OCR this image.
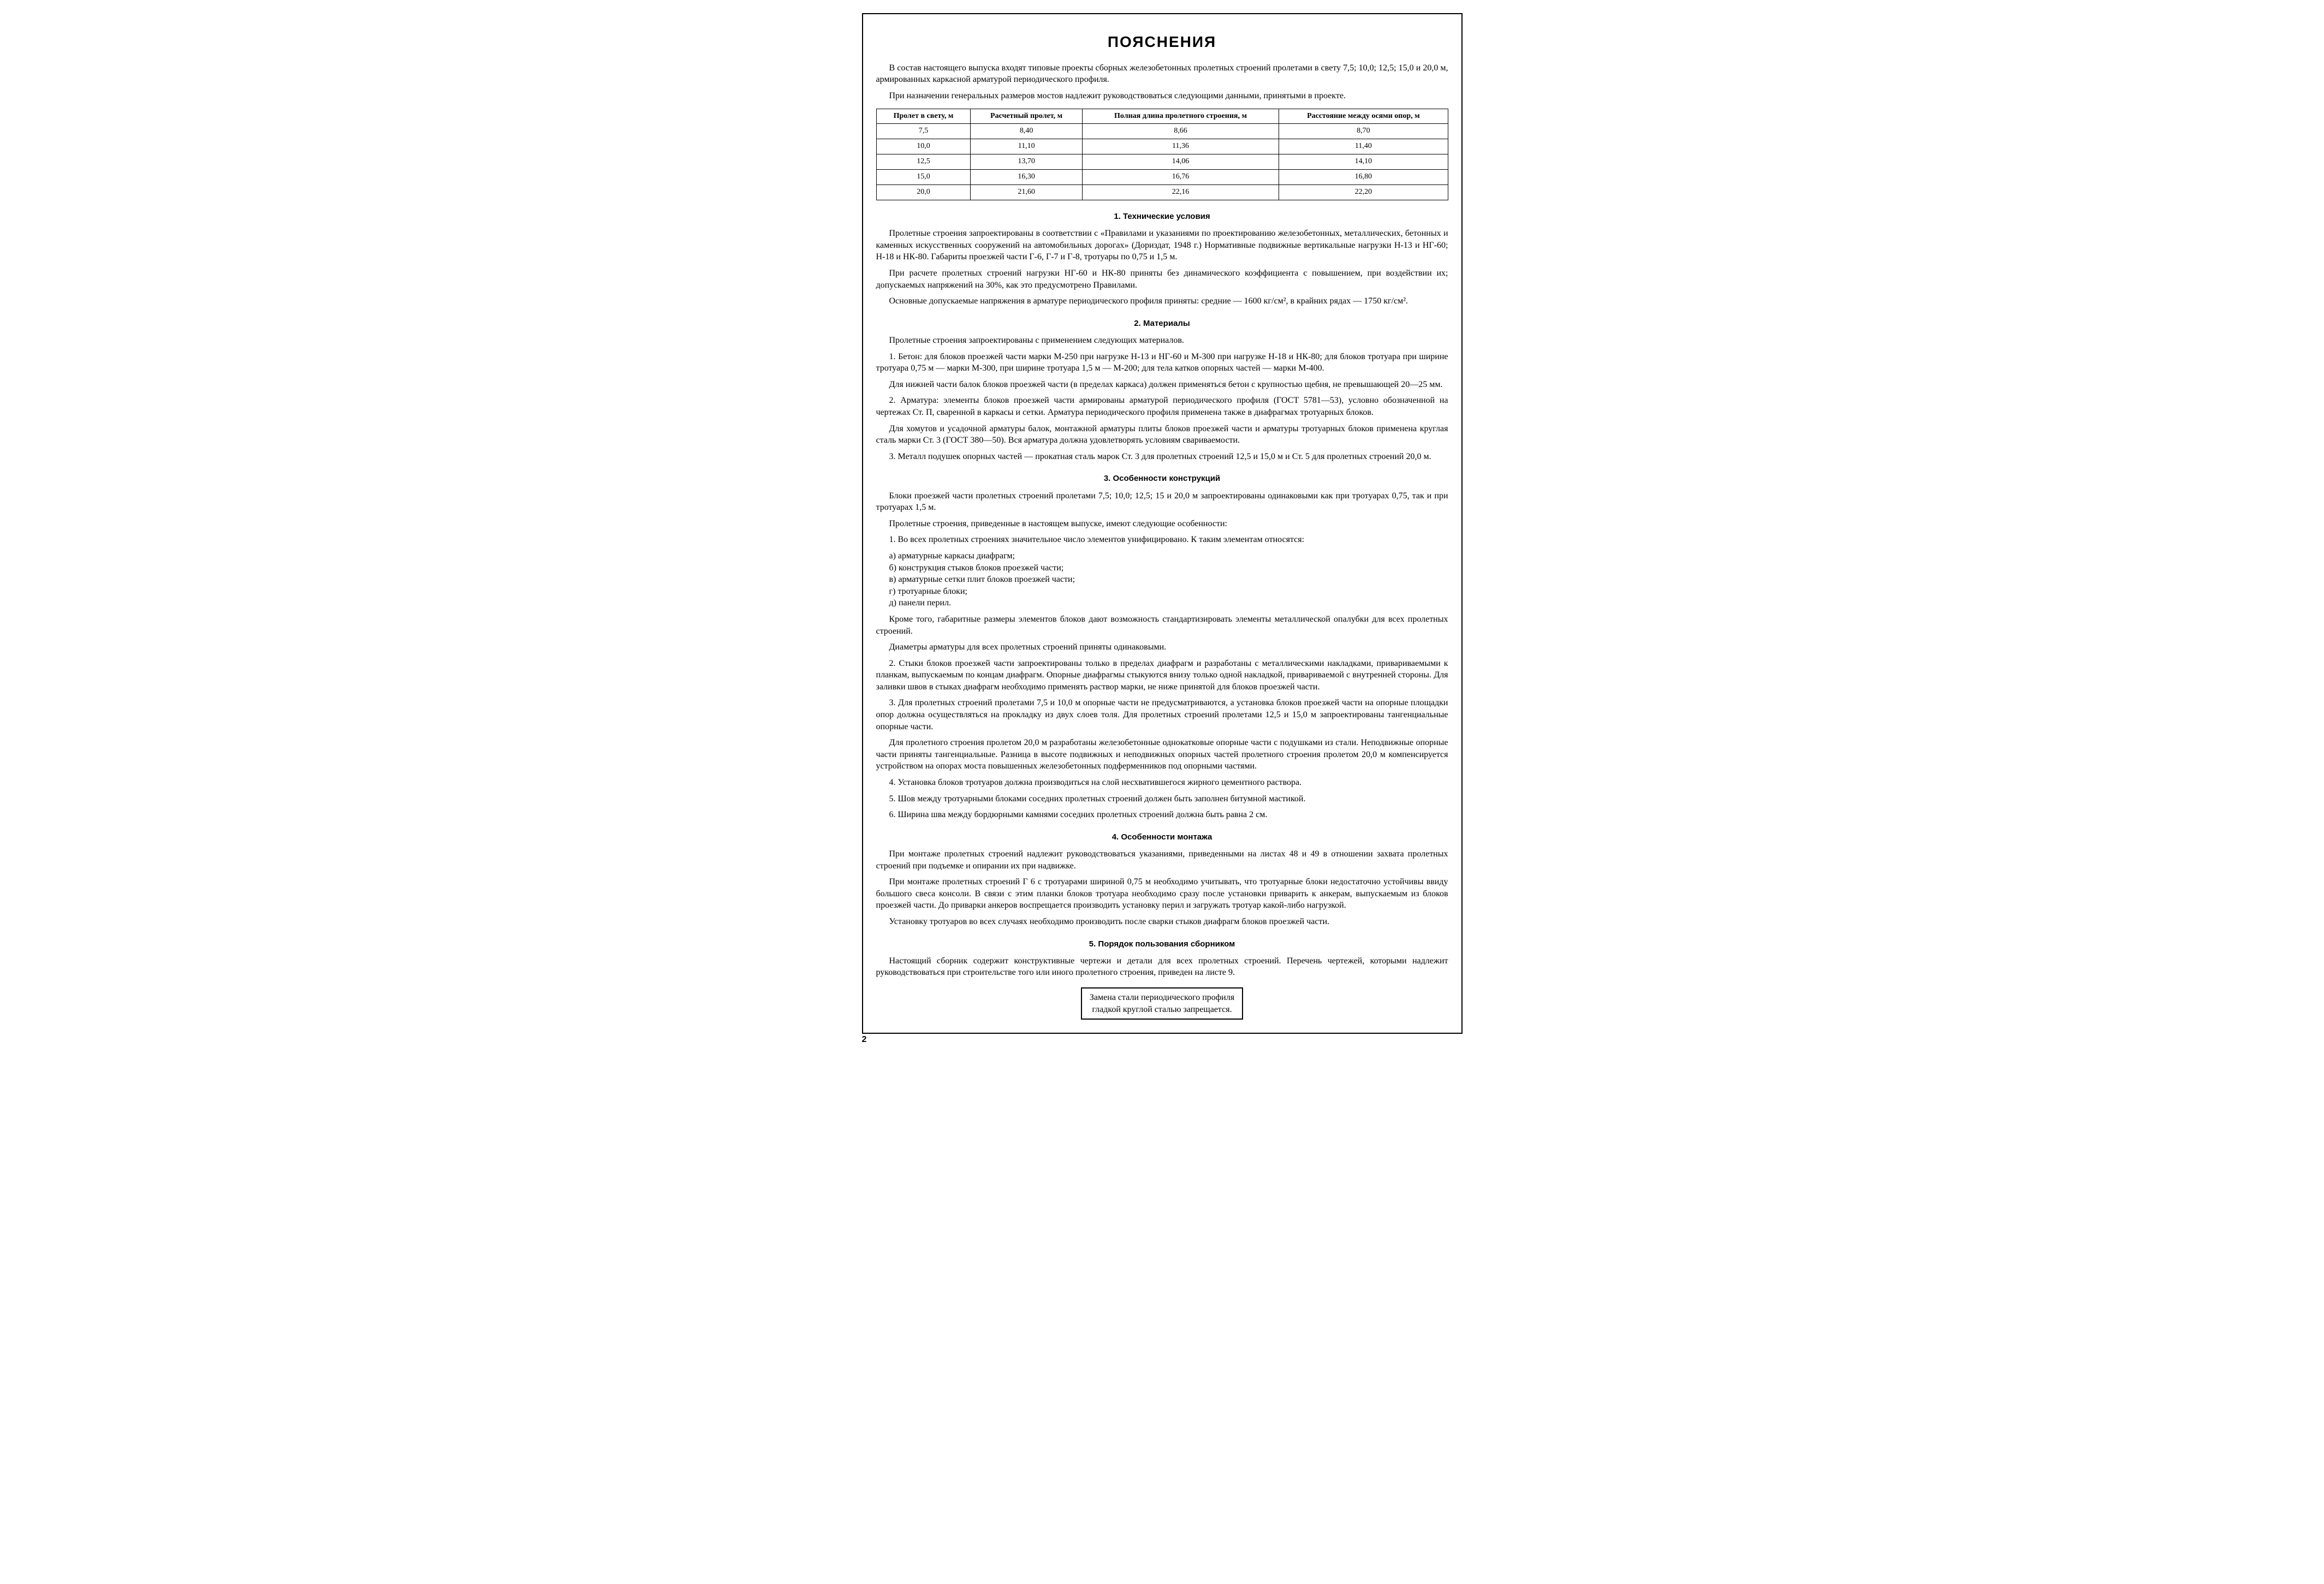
ПОЯСНЕНИЯ

В состав настоящего выпуска входят типовые проекты сборных железобетонных пролетных строений пролетами в свету 7,5; 10,0; 12,5; 15,0 и 20,0 м, армированных каркасной арматурой периодического профиля.

При назначении генеральных размеров мостов надлежит руководствоваться следующими данными, принятыми в проекте.

Пролет в свету, м	Расчетный пролет, м	Полная длина пролетного строения, м	Расстояние между осями опор, м
7,5	8,40	8,66	8,70
10,0	11,10	11,36	11,40
12,5	13,70	14,06	14,10
15,0	16,30	16,76	16,80
20,0	21,60	22,16	22,20
1. Технические условия

Пролетные строения запроектированы в соответствии с «Правилами и указаниями по проектированию железобетонных, металлических, бетонных и каменных искусственных сооружений на автомобильных дорогах» (Дориздат, 1948 г.) Нормативные подвижные вертикальные нагрузки Н-13 и НГ-60; Н-18 и НК-80. Габариты проезжей части Г-6, Г-7 и Г-8, тротуары по 0,75 и 1,5 м.

При расчете пролетных строений нагрузки НГ-60 и НК-80 приняты без динамического коэффициента с повышением, при воздействии их; допускаемых напряжений на 30%, как это предусмотрено Правилами.

Основные допускаемые напряжения в арматуре периодического профиля приняты: средние — 1600 кг/см², в крайних рядах — 1750 кг/см².

2. Материалы

Пролетные строения запроектированы с применением следующих материалов.

1. Бетон: для блоков проезжей части марки М-250 при нагрузке Н-13 и НГ-60 и М-300 при нагрузке Н-18 и НК-80; для блоков тротуара при ширине тротуара 0,75 м — марки М-300, при ширине тротуара 1,5 м — М-200; для тела катков опорных частей — марки М-400.

Для нижней части балок блоков проезжей части (в пределах каркаса) должен применяться бетон с крупностью щебня, не превышающей 20—25 мм.

2. Арматура: элементы блоков проезжей части армированы арматурой периодического профиля (ГОСТ 5781—53), условно обозначенной на чертежах Ст. П, сваренной в каркасы и сетки. Арматура периодического профиля применена также в диафрагмах тротуарных блоков.

Для хомутов и усадочной арматуры балок, монтажной арматуры плиты блоков проезжей части и арматуры тротуарных блоков применена круглая сталь марки Ст. 3 (ГОСТ 380—50). Вся арматура должна удовлетворять условиям свариваемости.

3. Металл подушек опорных частей — прокатная сталь марок Ст. 3 для пролетных строений 12,5 и 15,0 м и Ст. 5 для пролетных строений 20,0 м.

3. Особенности конструкций

Блоки проезжей части пролетных строений пролетами 7,5; 10,0; 12,5; 15 и 20,0 м запроектированы одинаковыми как при тротуарах 0,75, так и при тротуарах 1,5 м.

Пролетные строения, приведенные в настоящем выпуске, имеют следующие особенности:

1. Во всех пролетных строениях значительное число элементов унифицировано. К таким элементам относятся:

а) арматурные каркасы диафрагм;
б) конструкция стыков блоков проезжей части;
в) арматурные сетки плит блоков проезжей части;
г) тротуарные блоки;
д) панели перил.

Кроме того, габаритные размеры элементов блоков дают возможность стандартизировать элементы металлической опалубки для всех пролетных строений.

Диаметры арматуры для всех пролетных строений приняты одинаковыми.

2. Стыки блоков проезжей части запроектированы только в пределах диафрагм и разработаны с металлическими накладками, привариваемыми к планкам, выпускаемым по концам диафрагм. Опорные диафрагмы стыкуются внизу только одной накладкой, привариваемой с внутренней стороны. Для заливки швов в стыках диафрагм необходимо применять раствор марки, не ниже принятой для блоков проезжей части.

3. Для пролетных строений пролетами 7,5 и 10,0 м опорные части не предусматриваются, а установка блоков проезжей части на опорные площадки опор должна осуществляться на прокладку из двух слоев толя. Для пролетных строений пролетами 12,5 и 15,0 м запроектированы тангенциальные опорные части.

Для пролетного строения пролетом 20,0 м разработаны железобетонные однокатковые опорные части с подушками из стали. Неподвижные опорные части приняты тангенциальные. Разница в высоте подвижных и неподвижных опорных частей пролетного строения пролетом 20,0 м компенсируется устройством на опорах моста повышенных железобетонных подферменников под опорными частями.

4. Установка блоков тротуаров должна производиться на слой несхватившегося жирного цементного раствора.

5. Шов между тротуарными блоками соседних пролетных строений должен быть заполнен битумной мастикой.

6. Ширина шва между бордюрными камнями соседних пролетных строений должна быть равна 2 см.

4. Особенности монтажа

При монтаже пролетных строений надлежит руководствоваться указаниями, приведенными на листах 48 и 49 в отношении захвата пролетных строений при подъемке и опирании их при надвижке.

При монтаже пролетных строений Г 6 с тротуарами шириной 0,75 м необходимо учитывать, что тротуарные блоки недостаточно устойчивы ввиду большого свеса консоли. В связи с этим планки блоков тротуара необходимо сразу после установки приварить к анкерам, выпускаемым из блоков проезжей части. До приварки анкеров воспрещается производить установку перил и загружать тротуар какой-либо нагрузкой.

Установку тротуаров во всех случаях необходимо производить после сварки стыков диафрагм блоков проезжей части.

5. Порядок пользования сборником

Настоящий сборник содержит конструктивные чертежи и детали для всех пролетных строений. Перечень чертежей, которыми надлежит руководствоваться при строительстве того или иного пролетного строения, приведен на листе 9.

Замена стали периодического профиля
гладкой круглой сталью запрещается.
2
